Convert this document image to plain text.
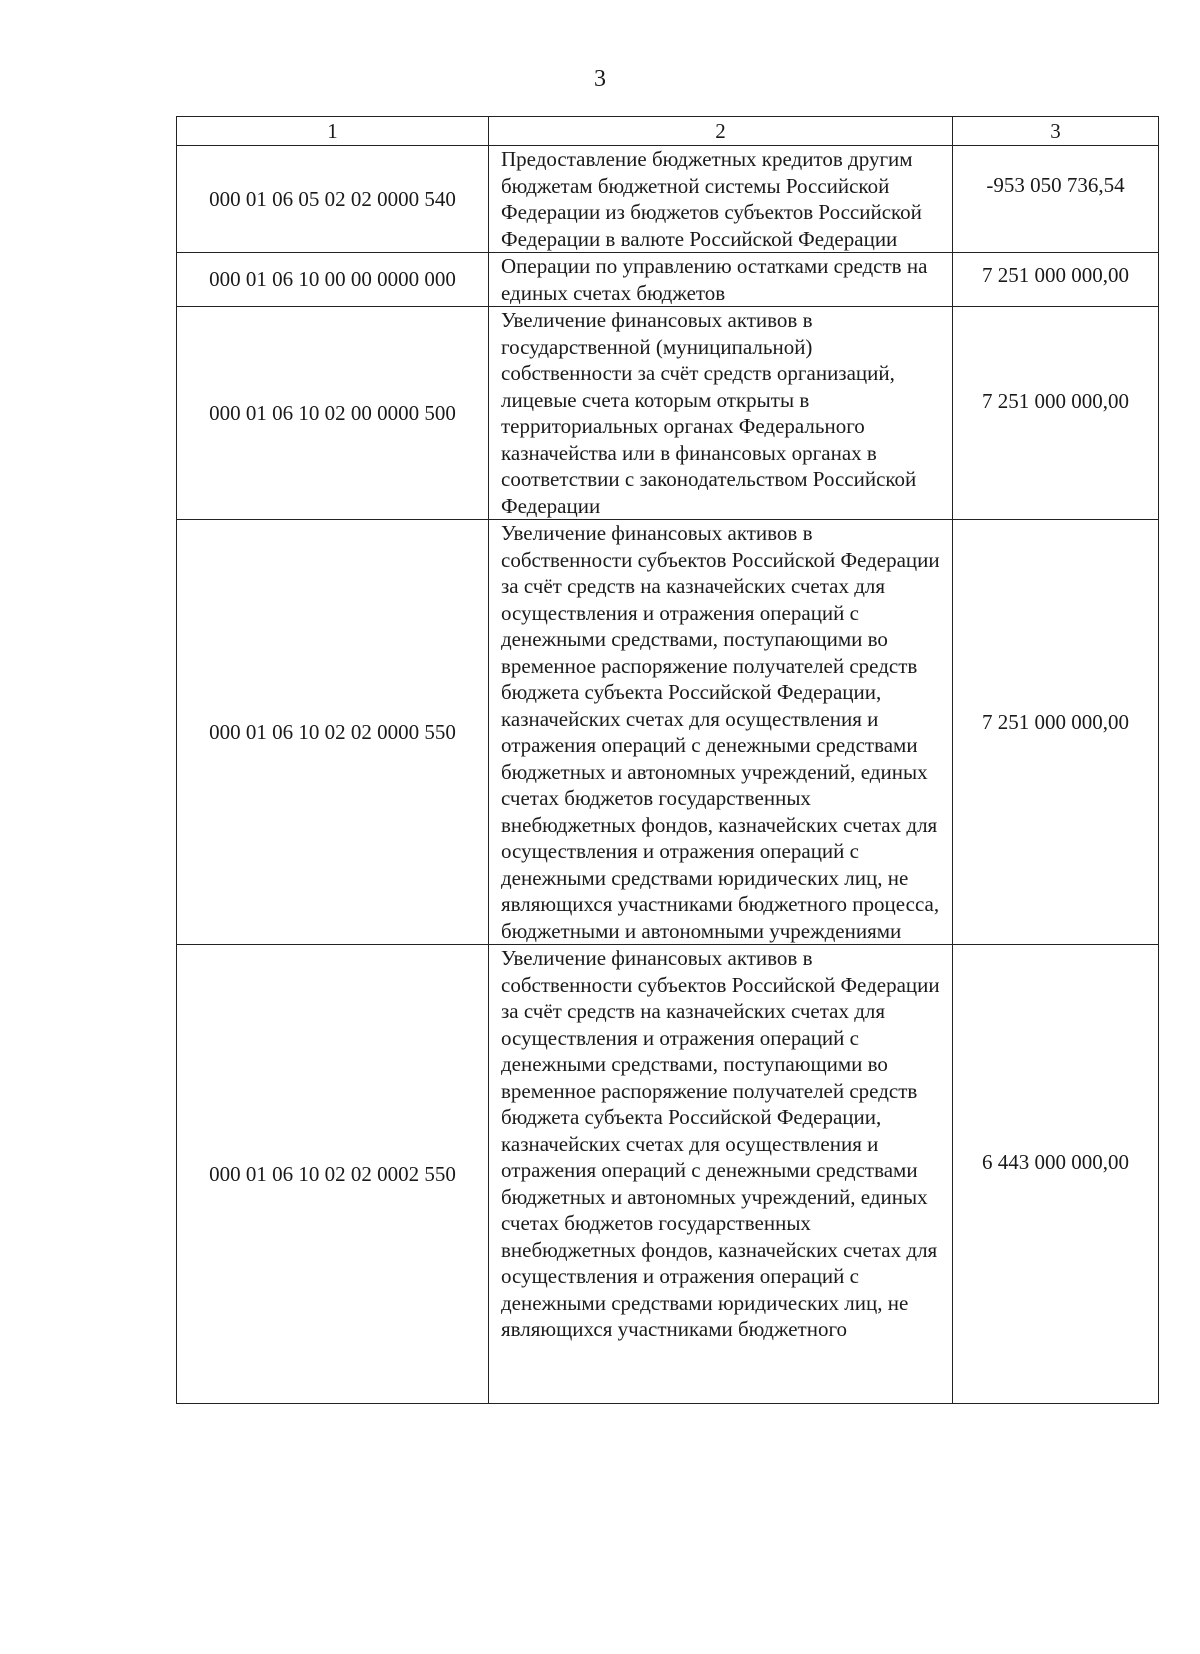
3
1	2	3
000 01 06 05 02 02 0000 540	Предоставление бюджетных кредитов другим бюджетам бюджетной системы Российской Федерации из бюджетов субъектов Российской Федерации в валюте Российской Федерации	-953 050 736,54
000 01 06 10 00 00 0000 000	Операции по управлению остатками средств на единых счетах бюджетов	7 251 000 000,00
000 01 06 10 02 00 0000 500	Увеличение финансовых активов в государственной (муниципальной) собственности за счёт средств организаций, лицевые счета которым открыты в территориальных органах Федерального казначейства или в финансовых органах в соответствии с законодательством Российской Федерации	7 251 000 000,00
000 01 06 10 02 02 0000 550	Увеличение финансовых активов в собственности субъектов Российской Федерации за счёт средств на казначейских счетах для осуществления и отражения операций с денежными средствами, поступающими во временное распоряжение получателей средств бюджета субъекта Российской Федерации, казначейских счетах для осуществления и отражения операций с денежными средствами бюджетных и автономных учреждений, единых счетах бюджетов государственных внебюджетных фондов, казначейских счетах для осуществления и отражения операций с денежными средствами юридических лиц, не являющихся участниками бюджетного процесса, бюджетными и автономными учреждениями	7 251 000 000,00
000 01 06 10 02 02 0002 550	Увеличение финансовых активов в собственности субъектов Российской Федерации за счёт средств на казначейских счетах для осуществления и отражения операций с денежными средствами, поступающими во временное распоряжение получателей средств бюджета субъекта Российской Федерации, казначейских счетах для осуществления и отражения операций с денежными средствами бюджетных и автономных учреждений, единых счетах бюджетов государственных внебюджетных фондов, казначейских счетах для осуществления и отражения операций с денежными средствами юридических лиц, не являющихся участниками бюджетного	6 443 000 000,00
